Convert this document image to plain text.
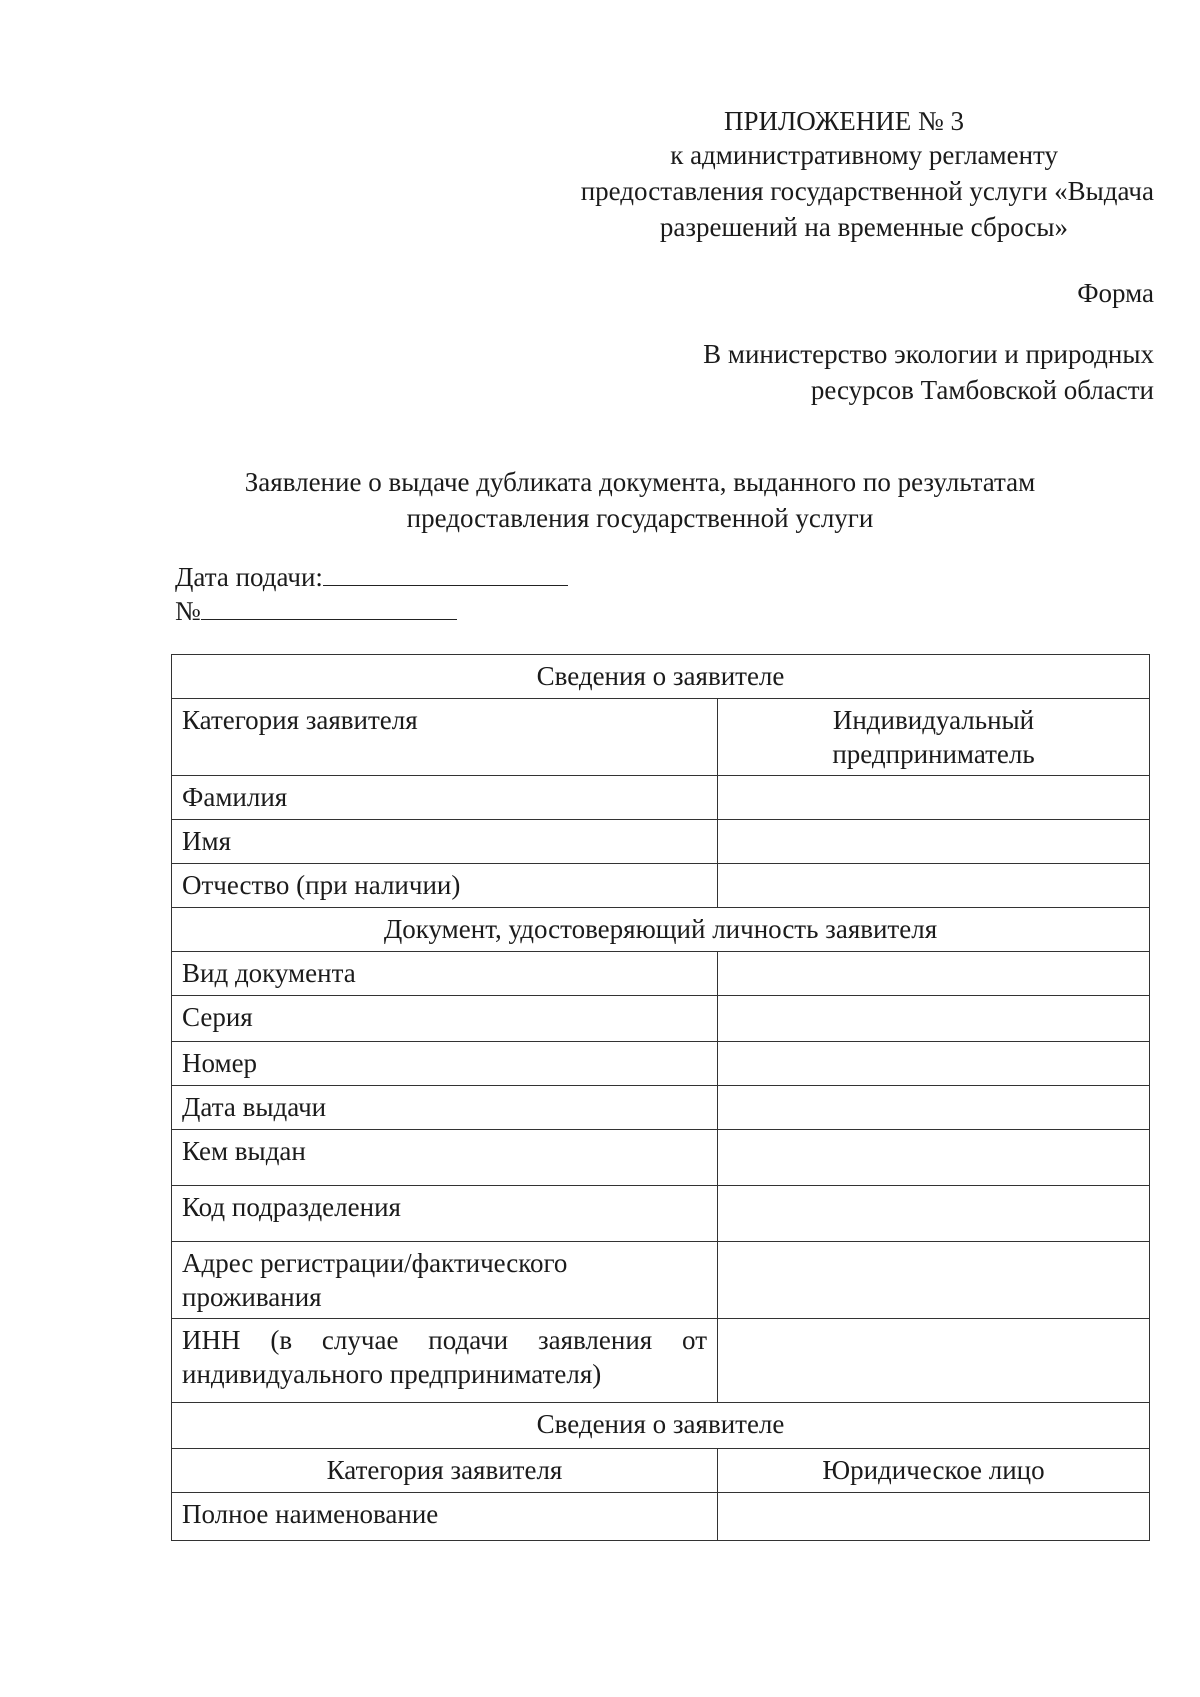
ПРИЛОЖЕНИЕ № 3
к административному регламенту
предоставления государственной услуги «Выдача
разрешений на временные сбросы»
Форма
В министерство экологии и природных
ресурсов Тамбовской области
Заявление о выдаче дубликата документа, выданного по результатам
предоставления государственной услуги
Дата подачи:
№
Сведения о заявителе	
Категория заявителя	Индивидуальный
предприниматель

Фамилия	
Имя	
Отчество (при наличии)	
Документ, удостоверяющий личность заявителя	
Вид документа	
Серия	
Номер	
Дата выдачи	
Кем выдан	
Код подразделения	

Адрес регистрации/фактического
проживания	

ИНН (в случае подачи заявления от
индивидуального предпринимателя)	

Сведения о заявителе	
Категория заявителя	Юридическое лицо
Полное наименование	
